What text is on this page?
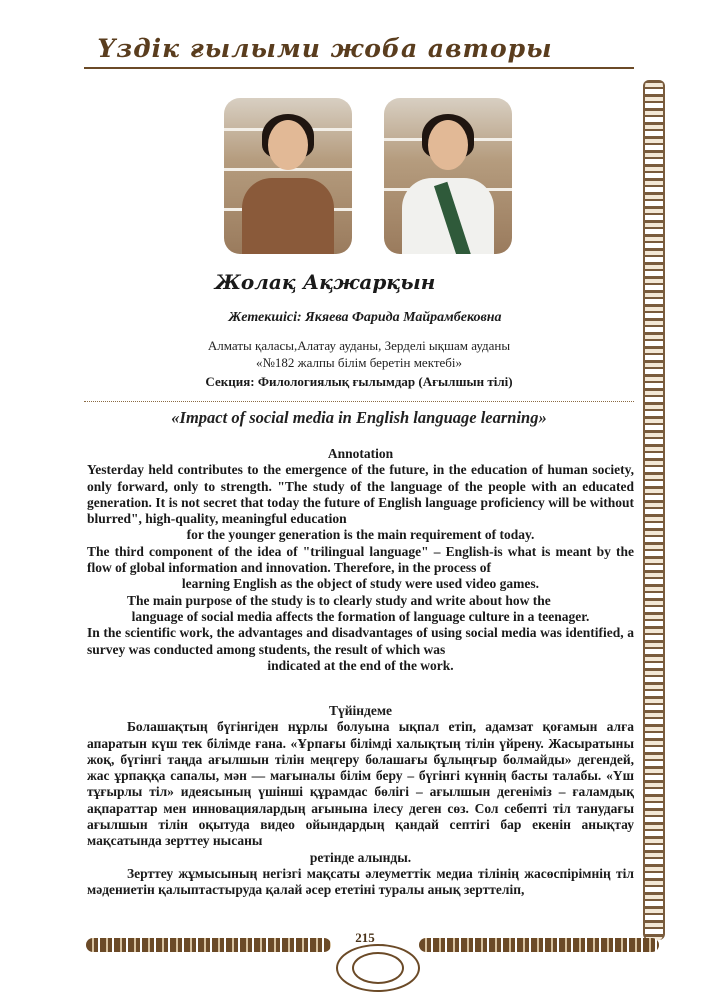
Үздік ғылыми жоба авторы
Жолақ Ақжарқын
Жетекшісі: Якяева Фарида Майрамбековна
Алматы қаласы,Алатау ауданы, Зерделі ықшам ауданы
«№182 жалпы білім беретін мектебі»
Секция: Филологиялық ғылымдар (Ағылшын тілі)
«Impact of social media in English language learning»

Annotation

Yesterday held contributes to the emergence of the future, in the education of human society, only forward, only to strength. "The study of the language of the people with an educated generation. It is not secret that today the future of English language proficiency will be without blurred", high-quality, meaningful education

for the younger generation is the main requirement of today.

The third component of the idea of "trilingual language" – English-is what is meant by the flow of global information and innovation. Therefore, in the process of

learning English as the object of study were used video games.

The main purpose of the study is to clearly study and write about how the

language of social media affects the formation of language culture in a teenager.

In the scientific work, the advantages and disadvantages of using social media was identified, a survey was conducted among students, the result of which was

indicated at the end of the work.

Түйіндеме

Болашақтың бүгінгіден нұрлы болуына ықпал етіп, адамзат қоғамын алға апаратын күш тек білімде ғана. «Ұрпағы білімді халықтың тілін үйрену. Жасыратыны жоқ, бүгінгі таңда ағылшын тілін меңгеру болашағы бұлыңғыр болмайды» дегендей, жас ұрпаққа сапалы, мән — мағыналы білім беру – бүгінгі күннің басты талабы. «Үш тұғырлы тіл» идеясының үшінші құрамдас бөлігі – ағылшын дегеніміз – ғаламдық ақпараттар мен инновациялардың ағынына ілесу деген сөз. Сол себепті тіл танудағы ағылшын тілін оқытуда видео ойындардың қандай септігі бар екенін анықтау мақсатында зерттеу нысаны

ретінде алынды.

Зерттеу жұмысының негізгі мақсаты әлеуметтік медиа тілінің жасөспірімнің тіл мәдениетін қалыптастыруда қалай әсер ететіні туралы анық зерттеліп,

215
